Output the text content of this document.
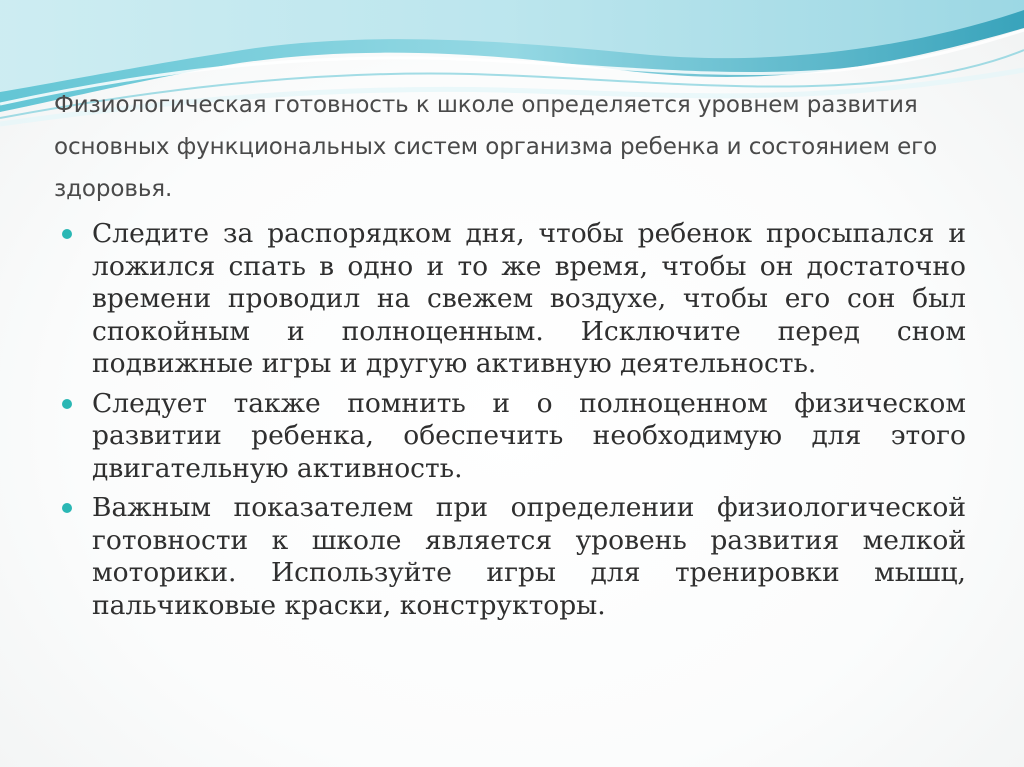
Физиологическая готовность к школе определяется уровнем развития основных функциональных систем организма ребенка и состоянием его здоровья.
Следите за распорядком дня, чтобы ребенок просыпался и ложился спать в одно и то же время, чтобы он достаточно времени проводил на свежем воздухе, чтобы его сон был спокойным и полноценным. Исключите перед сном подвижные игры и другую активную деятельность.
Следует также помнить и о полноценном физическом развитии ребенка, обеспечить необходимую для этого двигательную активность.
Важным показателем при определении физиологической готовности к школе является уровень развития мелкой моторики. Используйте игры для тренировки мышц, пальчиковые краски, конструкторы.
